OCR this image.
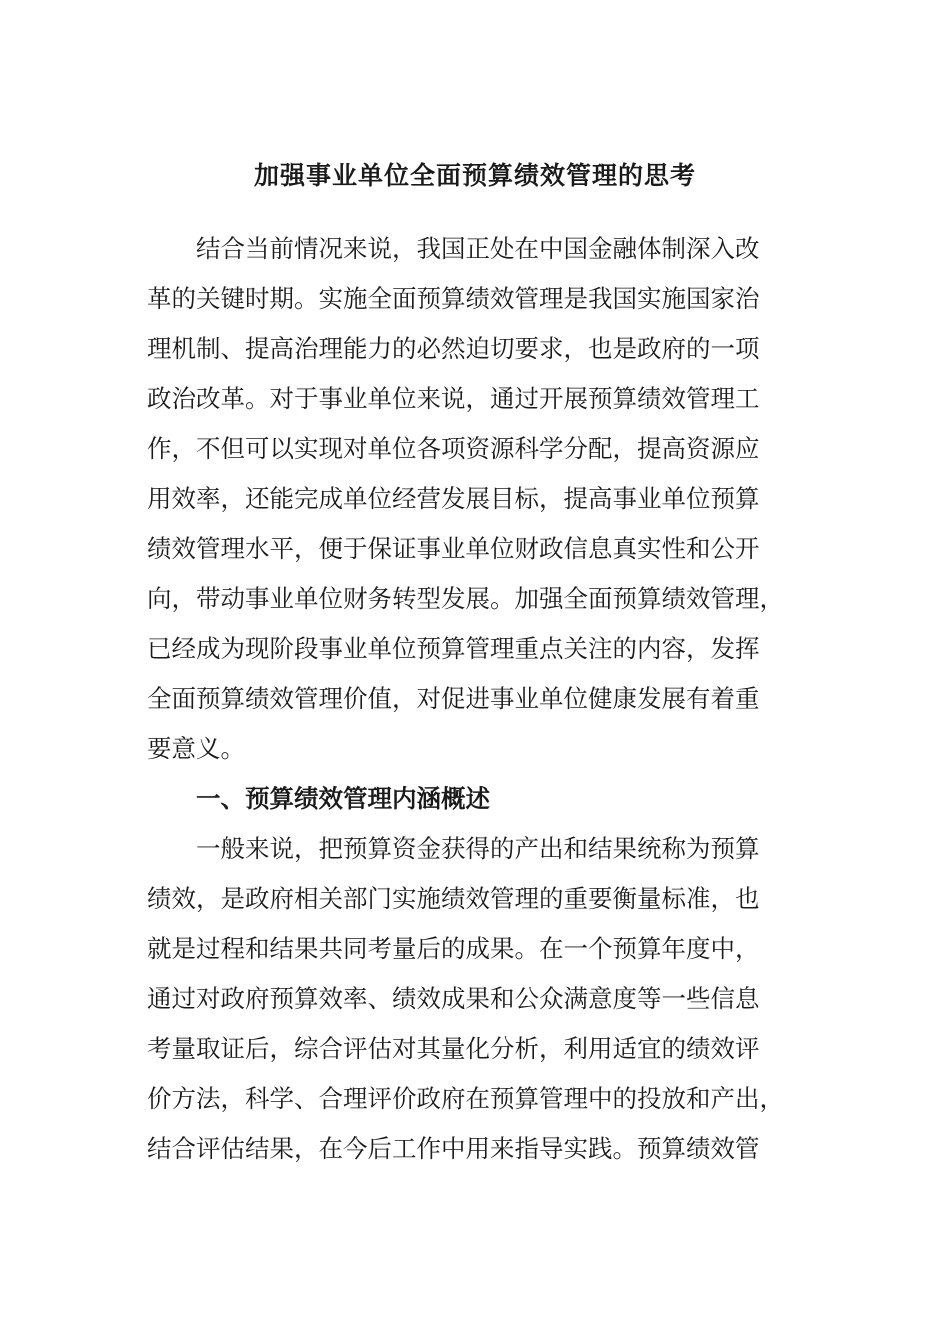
加强事业单位全面预算绩效管理的思考
结合当前情况来说，我国正处在中国金融体制深入改
革的关键时期。实施全面预算绩效管理是我国实施国家治
理机制、提高治理能力的必然迫切要求，也是政府的一项
政治改革。对于事业单位来说，通过开展预算绩效管理工
作，不但可以实现对单位各项资源科学分配，提高资源应
用效率，还能完成单位经营发展目标，提高事业单位预算
绩效管理水平，便于保证事业单位财政信息真实性和公开
向，带动事业单位财务转型发展。加强全面预算绩效管理，
已经成为现阶段事业单位预算管理重点关注的内容，发挥
全面预算绩效管理价值，对促进事业单位健康发展有着重
要意义。
一、预算绩效管理内涵概述
一般来说，把预算资金获得的产出和结果统称为预算
绩效，是政府相关部门实施绩效管理的重要衡量标准，也
就是过程和结果共同考量后的成果。在一个预算年度中，
通过对政府预算效率、绩效成果和公众满意度等一些信息
考量取证后，综合评估对其量化分析，利用适宜的绩效评
价方法，科学、合理评价政府在预算管理中的投放和产出，
结合评估结果，在今后工作中用来指导实践。预算绩效管
